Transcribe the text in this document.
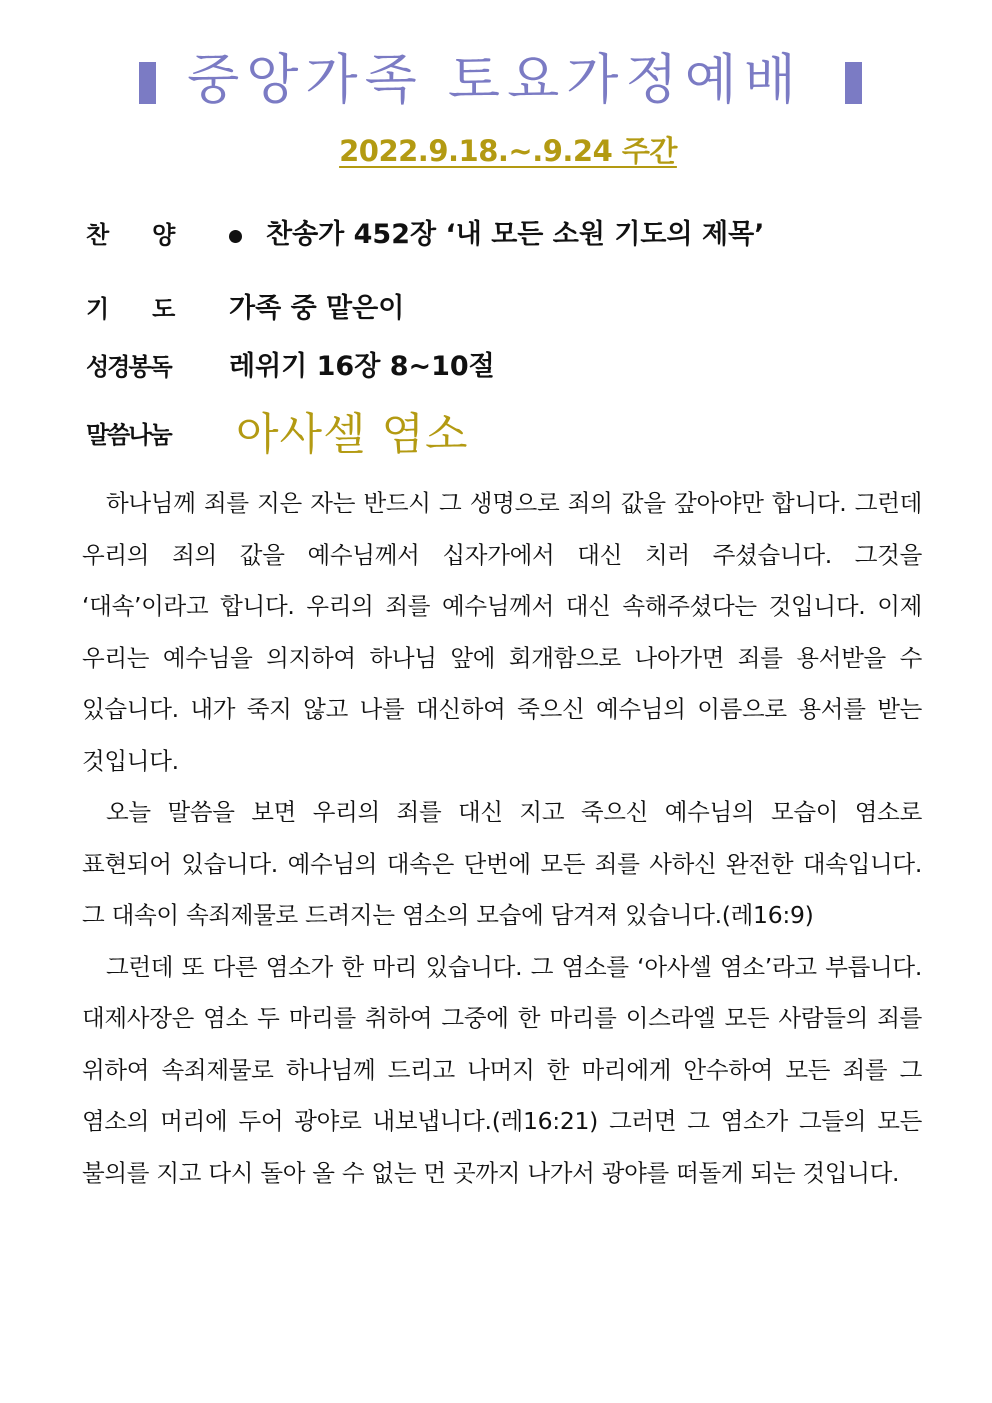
중앙가족 토요가정예배
2022.9.18.~.9.24 주간
찬양 찬송가 452장 ‘내 모든 소원 기도의 제목’
기도 가족 중 맡은이
성경봉독 레위기 16장 8~10절
말씀나눔 아사셀 염소

하나님께 죄를 지은 자는 반드시 그 생명으로 죄의 값을 갚아야만 합니다. 그런데 우리의 죄의 값을 예수님께서 십자가에서 대신 치러 주셨습니다. 그것을 ‘대속’이라고 합니다. 우리의 죄를 예수님께서 대신 속해주셨다는 것입니다. 이제 우리는 예수님을 의지하여 하나님 앞에 회개함으로 나아가면 죄를 용서받을 수 있습니다. 내가 죽지 않고 나를 대신하여 죽으신 예수님의 이름으로 용서를 받는 것입니다.

오늘 말씀을 보면 우리의 죄를 대신 지고 죽으신 예수님의 모습이 염소로 표현되어 있습니다. 예수님의 대속은 단번에 모든 죄를 사하신 완전한 대속입니다. 그 대속이 속죄제물로 드려지는 염소의 모습에 담겨져 있습니다.(레16:9)

그런데 또 다른 염소가 한 마리 있습니다. 그 염소를 ‘아사셀 염소’라고 부릅니다. 대제사장은 염소 두 마리를 취하여 그중에 한 마리를 이스라엘 모든 사람들의 죄를 위하여 속죄제물로 하나님께 드리고 나머지 한 마리에게 안수하여 모든 죄를 그 염소의 머리에 두어 광야로 내보냅니다.(레16:21) 그러면 그 염소가 그들의 모든 불의를 지고 다시 돌아 올 수 없는 먼 곳까지 나가서 광야를 떠돌게 되는 것입니다.
